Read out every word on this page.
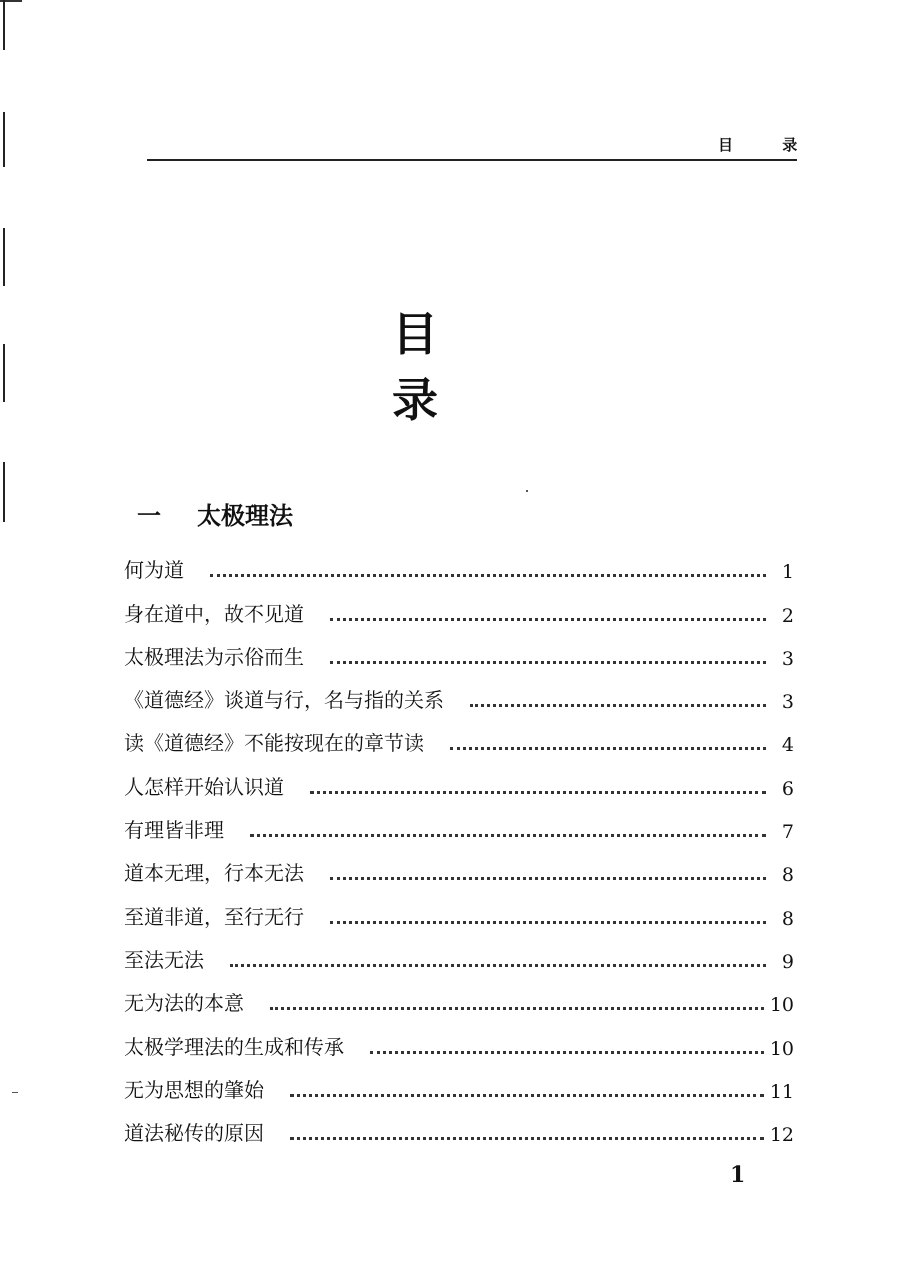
目 录
目 录
一 太极理法
何为道	1
身在道中，故不见道	2
太极理法为示俗而生	3
《道德经》谈道与行，名与指的关系	3
读《道德经》不能按现在的章节读	4
人怎样开始认识道	6
有理皆非理	7
道本无理，行本无法	8
至道非道，至行无行	8
至法无法	9
无为法的本意	10
太极学理法的生成和传承	10
无为思想的肇始	11
道法秘传的原因	12
1
